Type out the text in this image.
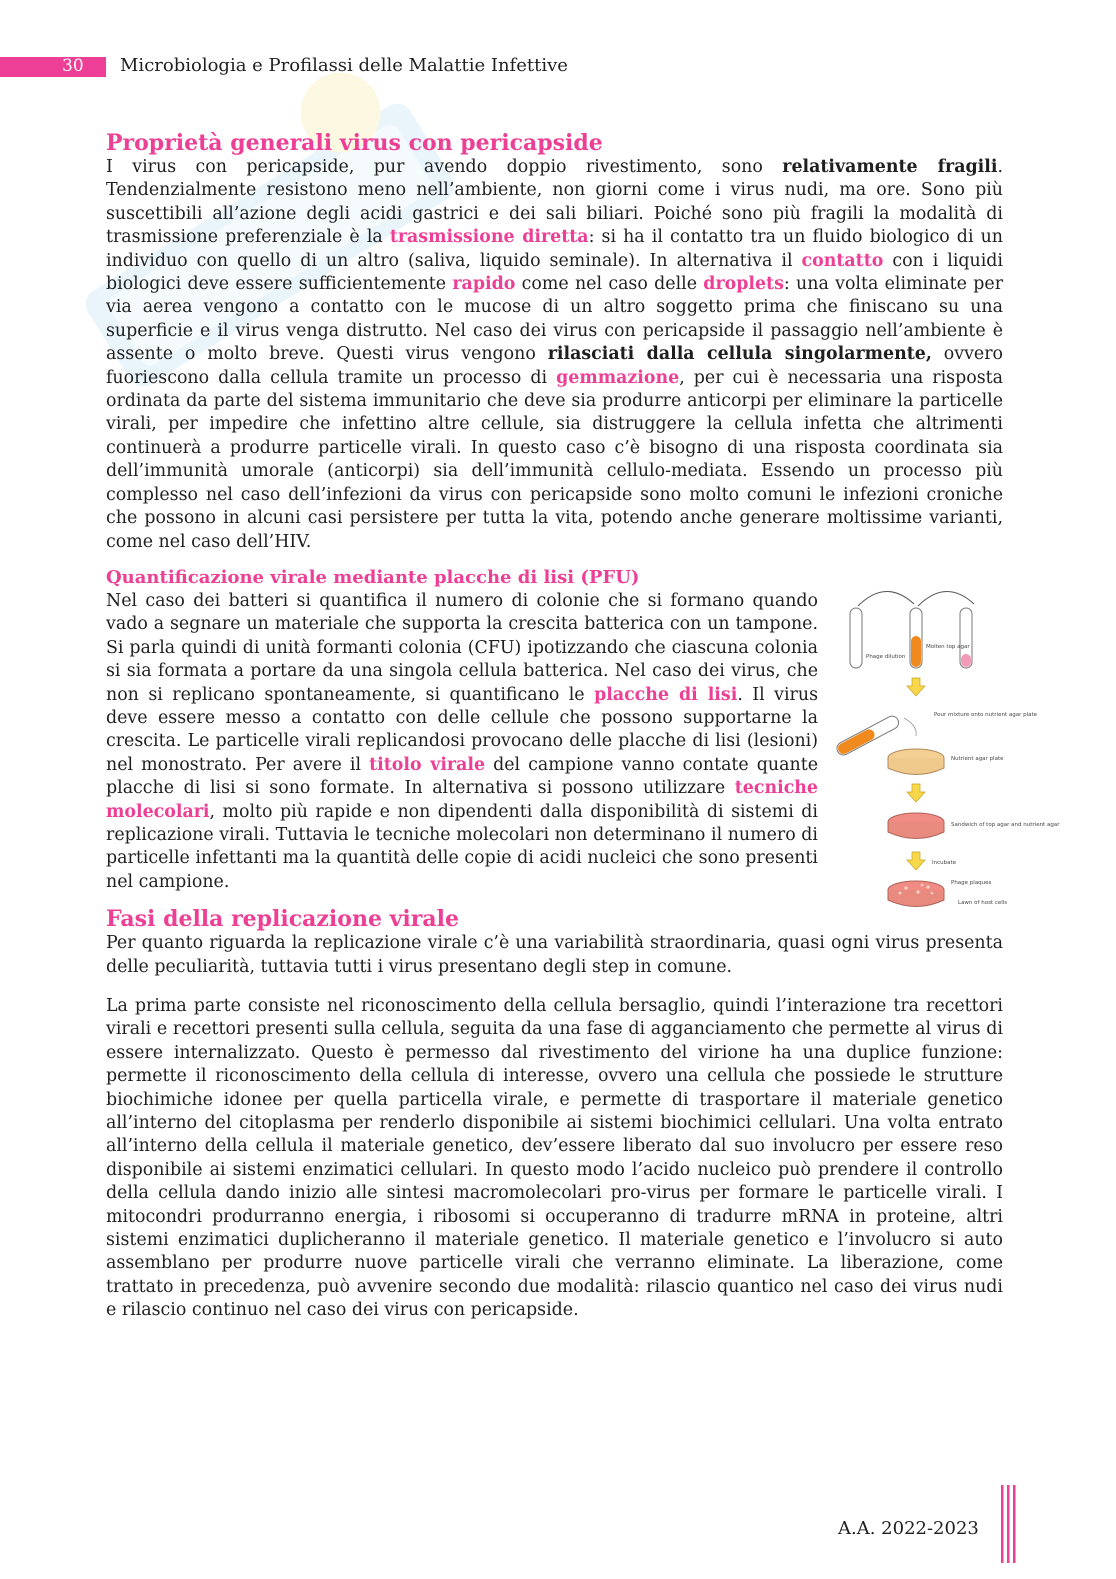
30 Microbiologia e Profilassi delle Malattie Infettive
Proprietà generali virus con pericapside

I virus con pericapside, pur avendo doppio rivestimento, sono relativamente fragili. Tendenzialmente resistono meno nell’ambiente, non giorni come i virus nudi, ma ore. Sono più suscettibili all’azione degli acidi gastrici e dei sali biliari. Poiché sono più fragili la modalità di trasmissione preferenziale è la trasmissione diretta: si ha il contatto tra un fluido biologico di un individuo con quello di un altro (saliva, liquido seminale). In alternativa il contatto con i liquidi biologici deve essere sufficientemente rapido come nel caso delle droplets: una volta eliminate per via aerea vengono a contatto con le mucose di un altro soggetto prima che finiscano su una superficie e il virus venga distrutto. Nel caso dei virus con pericapside il passaggio nell’ambiente è assente o molto breve. Questi virus vengono rilasciati dalla cellula singolarmente, ovvero fuoriescono dalla cellula tramite un processo di gemmazione, per cui è necessaria una risposta ordinata da parte del sistema immunitario che deve sia produrre anticorpi per eliminare la particelle virali, per impedire che infettino altre cellule, sia distruggere la cellula infetta che altrimenti continuerà a produrre particelle virali. In questo caso c’è bisogno di una risposta coordinata sia dell’immunità umorale (anticorpi) sia dell’immunità cellulo-mediata. Essendo un processo più complesso nel caso dell’infezioni da virus con pericapside sono molto comuni le infezioni croniche che possono in alcuni casi persistere per tutta la vita, potendo anche generare moltissime varianti, come nel caso dell’HIV.

Quantificazione virale mediante placche di lisi (PFU)

Nel caso dei batteri si quantifica il numero di colonie che si formano quando vado a segnare un materiale che supporta la crescita batterica con un tampone. Si parla quindi di unità formanti colonia (CFU) ipotizzando che ciascuna colonia si sia formata a portare da una singola cellula batterica. Nel caso dei virus, che non si replicano spontaneamente, si quantificano le placche di lisi. Il virus deve essere messo a contatto con delle cellule che possono supportarne la crescita. Le particelle virali replicandosi provocano delle placche di lisi (lesioni) nel monostrato. Per avere il titolo virale del campione vanno contate quante placche di lisi si sono formate. In alternativa si possono utilizzare tecniche molecolari, molto più rapide e non dipendenti dalla disponibilità di sistemi di replicazione virali. Tuttavia le tecniche molecolari non determinano il numero di particelle infettanti ma la quantità delle copie di acidi nucleici che sono presenti nel campione.

Phage dilution
Molten top agar
Pour mixture onto nutrient agar plate
Nutrient agar plate
Sandwich of top agar and nutrient agar
Incubate
Phage plaques
Lawn of host cells
Fasi della replicazione virale

Per quanto riguarda la replicazione virale c’è una variabilità straordinaria, quasi ogni virus presenta delle peculiarità, tuttavia tutti i virus presentano degli step in comune.

La prima parte consiste nel riconoscimento della cellula bersaglio, quindi l’interazione tra recettori virali e recettori presenti sulla cellula, seguita da una fase di agganciamento che permette al virus di essere internalizzato. Questo è permesso dal rivestimento del virione ha una duplice funzione: permette il riconoscimento della cellula di interesse, ovvero una cellula che possiede le strutture biochimiche idonee per quella particella virale, e permette di trasportare il materiale genetico all’interno del citoplasma per renderlo disponibile ai sistemi biochimici cellulari. Una volta entrato all’interno della cellula il materiale genetico, dev’essere liberato dal suo involucro per essere reso disponibile ai sistemi enzimatici cellulari. In questo modo l’acido nucleico può prendere il controllo della cellula dando inizio alle sintesi macromolecolari pro-virus per formare le particelle virali. I mitocondri produrranno energia, i ribosomi si occuperanno di tradurre mRNA in proteine, altri sistemi enzimatici duplicheranno il materiale genetico. Il materiale genetico e l’involucro si auto assemblano per produrre nuove particelle virali che verranno eliminate. La liberazione, come trattato in precedenza, può avvenire secondo due modalità: rilascio quantico nel caso dei virus nudi e rilascio continuo nel caso dei virus con pericapside.

A.A. 2022-2023
